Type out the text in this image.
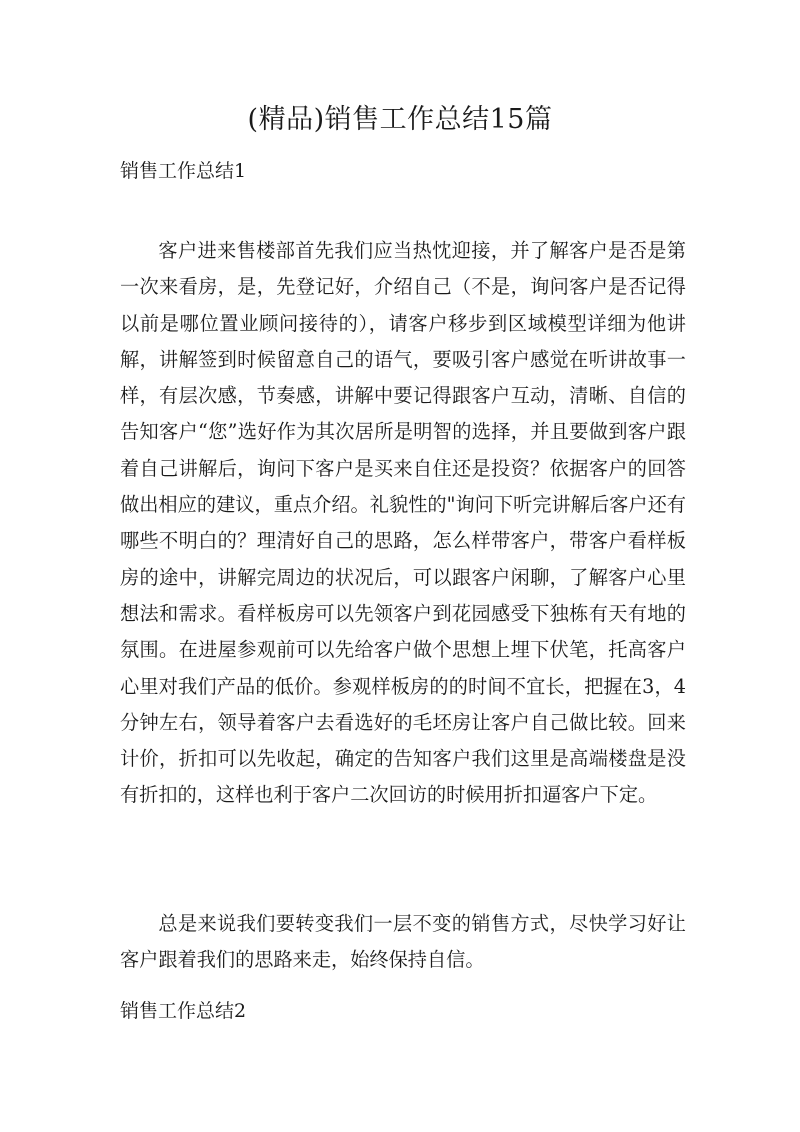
(精品)销售工作总结15篇
销售工作总结1

客户进来售楼部首先我们应当热忱迎接，并了解客户是否是第一次来看房，是，先登记好，介绍自己（不是，询问客户是否记得以前是哪位置业顾问接待的），请客户移步到区域模型详细为他讲解，讲解签到时候留意自己的语气，要吸引客户感觉在听讲故事一样，有层次感，节奏感，讲解中要记得跟客户互动，清晰、自信的告知客户“您”选好作为其次居所是明智的选择，并且要做到客户跟着自己讲解后，询问下客户是买来自住还是投资？依据客户的回答做出相应的建议，重点介绍。礼貌性的"询问下听完讲解后客户还有哪些不明白的？理清好自己的思路，怎么样带客户，带客户看样板房的途中，讲解完周边的状况后，可以跟客户闲聊，了解客户心里想法和需求。看样板房可以先领客户到花园感受下独栋有天有地的氛围。在进屋参观前可以先给客户做个思想上埋下伏笔，托高客户心里对我们产品的低价。参观样板房的的时间不宜长，把握在3，4分钟左右，领导着客户去看选好的毛坯房让客户自己做比较。回来计价，折扣可以先收起，确定的告知客户我们这里是高端楼盘是没有折扣的，这样也利于客户二次回访的时候用折扣逼客户下定。

总是来说我们要转变我们一层不变的销售方式，尽快学习好让客户跟着我们的思路来走，始终保持自信。

销售工作总结2
